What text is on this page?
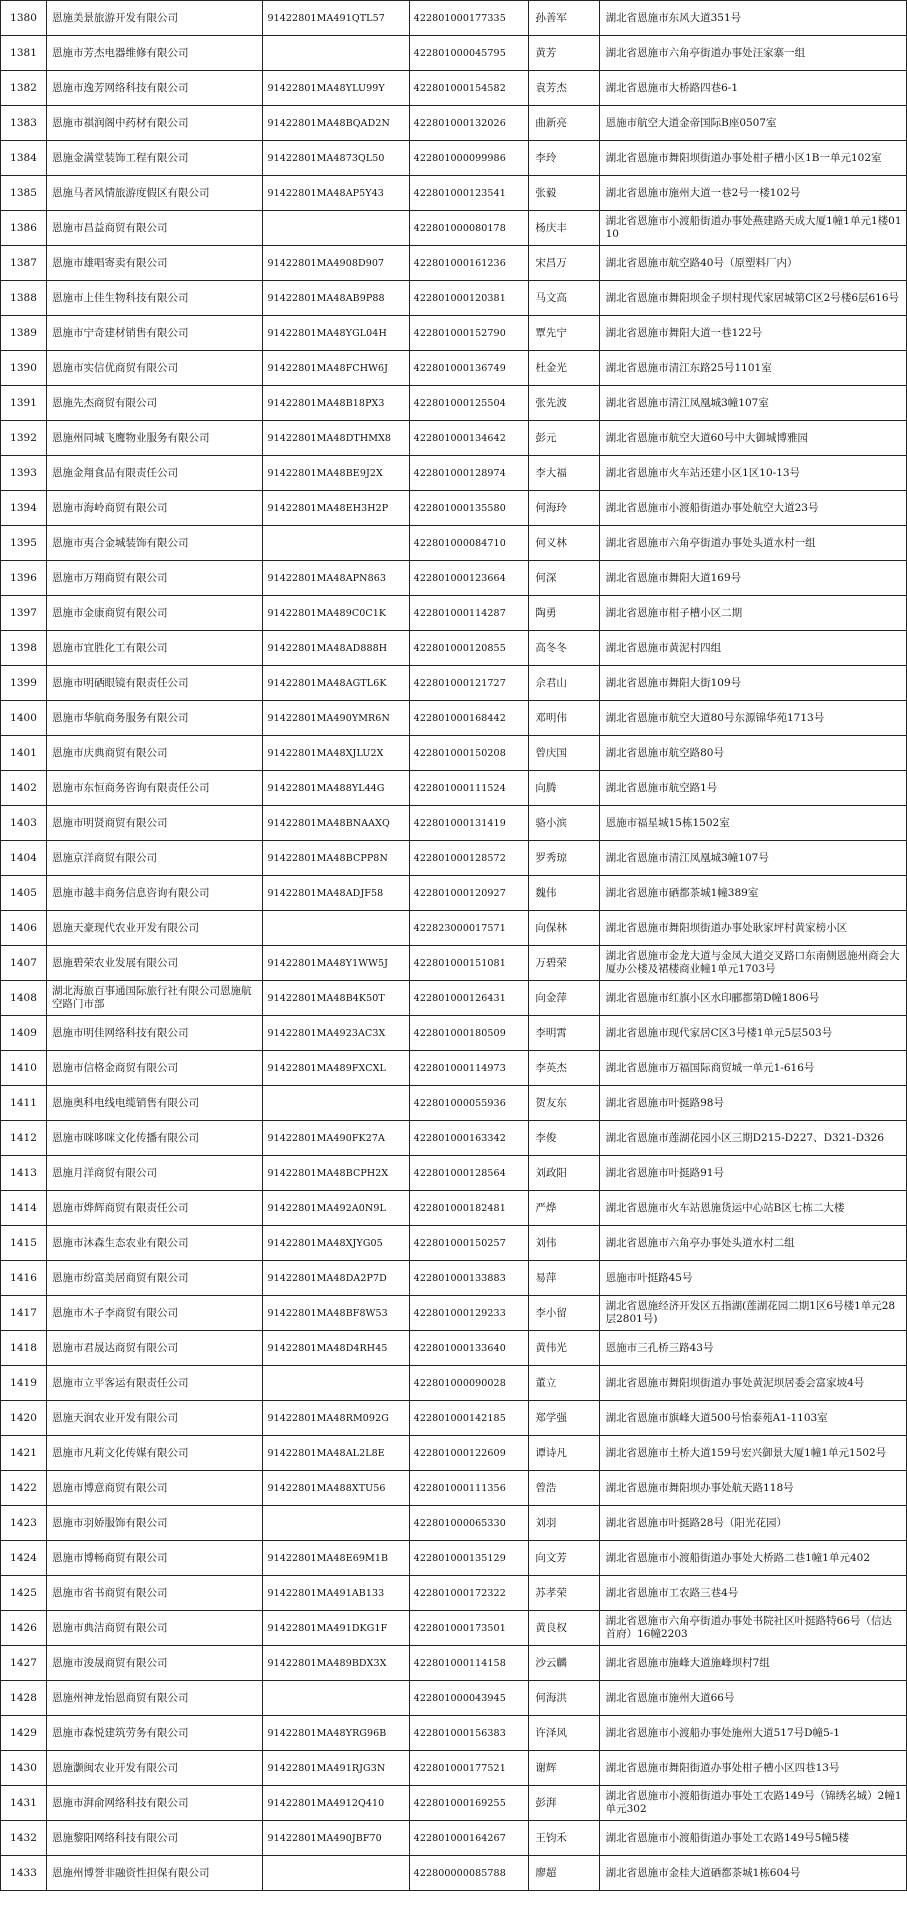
1380	恩施美景旅游开发有限公司	91422801MA491QTL57	422801000177335	孙善军	湖北省恩施市东风大道351号
1381	恩施市芳杰电器维修有限公司		422801000045795	黄芳	湖北省恩施市六角亭街道办事处汪家寨一组
1382	恩施市逸芳网络科技有限公司	91422801MA48YLU99Y	422801000154582	袁芳杰	湖北省恩施市大桥路四巷6-1
1383	恩施市祺润阁中药材有限公司	91422801MA48BQAD2N	422801000132026	曲新亮	恩施市航空大道金帝国际B座0507室
1384	恩施金满堂装饰工程有限公司	91422801MA4873QL50	422801000099986	李玲	湖北省恩施市舞阳坝街道办事处柑子槽小区1B一单元102室
1385	恩施马者风情旅游度假区有限公司	91422801MA48AP5Y43	422801000123541	张毅	湖北省恩施市施州大道一巷2号一楼102号
1386	恩施市昌益商贸有限公司		422801000080178	杨庆丰	湖北省恩施市小渡船街道办事处燕建路天成大厦1幢1单元1楼0110
1387	恩施市雄唱寄卖有限公司	91422801MA4908D907	422801000161236	宋昌万	湖北省恩施市航空路40号（原塑料厂内）
1388	恩施市上佳生物科技有限公司	91422801MA48AB9P88	422801000120381	马文高	湖北省恩施市舞阳坝金子坝村现代家居城第C区2号楼6层616号
1389	恩施市宁奇建材销售有限公司	91422801MA48YGL04H	422801000152790	覃先宁	湖北省恩施市舞阳大道一巷122号
1390	恩施市实信优商贸有限公司	91422801MA48FCHW6J	422801000136749	杜金光	湖北省恩施市清江东路25号1101室
1391	恩施先杰商贸有限公司	91422801MA48B18PX3	422801000125504	张先波	湖北省恩施市清江凤凰城3幢107室
1392	恩施州同城飞鹰物业服务有限公司	91422801MA48DTHMX8	422801000134642	彭元	湖北省恩施市航空大道60号中大御城博雅园
1393	恩施金翔食品有限责任公司	91422801MA48BE9J2X	422801000128974	李大福	湖北省恩施市火车站还建小区1区10-13号
1394	恩施市海岭商贸有限公司	91422801MA48EH3H2P	422801000135580	何海玲	湖北省恩施市小渡船街道办事处航空大道23号
1395	恩施市夷合金城装饰有限公司		422801000084710	何义林	湖北省恩施市六角亭街道办事处头道水村一组
1396	恩施市万翔商贸有限公司	91422801MA48APN863	422801000123664	何深	湖北省恩施市舞阳大道169号
1397	恩施市金康商贸有限公司	91422801MA489C0C1K	422801000114287	陶勇	湖北省恩施市柑子槽小区二期
1398	恩施市宜胜化工有限公司	91422801MA48AD888H	422801000120855	高冬冬	湖北省恩施市黄泥村四组
1399	恩施市明硒眼镜有限责任公司	91422801MA48AGTL6K	422801000121727	佘君山	湖北省恩施市舞阳大街109号
1400	恩施市华航商务服务有限公司	91422801MA490YMR6N	422801000168442	邓明伟	湖北省恩施市航空大道80号东源锦华苑1713号
1401	恩施市庆典商贸有限公司	91422801MA48XJLU2X	422801000150208	曾庆国	湖北省恩施市航空路80号
1402	恩施市东恒商务咨询有限责任公司	91422801MA488YL44G	422801000111524	向腾	湖北省恩施市航空路1号
1403	恩施市明贤商贸有限公司	91422801MA48BNAAXQ	422801000131419	骆小滨	恩施市福星城15栋1502室
1404	恩施京洋商贸有限公司	91422801MA48BCPP8N	422801000128572	罗秀琼	湖北省恩施市清江凤凰城3幢107号
1405	恩施市越丰商务信息咨询有限公司	91422801MA48ADJF58	422801000120927	魏伟	湖北省恩施市硒都茶城1幢389室
1406	恩施天豪现代农业开发有限公司		422823000017571	向保林	湖北省恩施市舞阳坝街道办事处耿家坪村黄家榜小区
1407	恩施碧荣农业发展有限公司	91422801MA48Y1WW5J	422801000151081	万碧荣	湖北省恩施市金龙大道与金凤大道交叉路口东南侧恩施州商会大厦办公楼及裙楼商业幢1单元1703号
1408	湖北海旅百事通国际旅行社有限公司恩施航空路门市部	91422801MA48B4K50T	422801000126431	向金萍	湖北省恩施市红旗小区水印郦都第D幢1806号
1409	恩施市明佳网络科技有限公司	91422801MA4923AC3X	422801000180509	李明霄	湖北省恩施市现代家居C区3号楼1单元5层503号
1410	恩施市信格金商贸有限公司	91422801MA489FXCXL	422801000114973	李英杰	湖北省恩施市万福国际商贸城一单元1-616号
1411	恩施奥科电线电缆销售有限公司		422801000055936	贺友东	湖北省恩施市叶挺路98号
1412	恩施市咪哆咪文化传播有限公司	91422801MA490FK27A	422801000163342	李俊	湖北省恩施市莲湖花园小区三期D215-D227、D321-D326
1413	恩施月洋商贸有限公司	91422801MA48BCPH2X	422801000128564	刘政阳	湖北省恩施市叶挺路91号
1414	恩施市烨辉商贸有限责任公司	91422801MA492A0N9L	422801000182481	严烨	湖北省恩施市火车站恩施货运中心站B区七栋二大楼
1415	恩施市沐森生态农业有限公司	91422801MA48XJYG05	422801000150257	刘伟	湖北省恩施市六角亭办事处头道水村二组
1416	恩施市纷富美居商贸有限公司	91422801MA48DA2P7D	422801000133883	易萍	恩施市叶挺路45号
1417	恩施市木子李商贸有限公司	91422801MA48BF8W53	422801000129233	李小留	湖北省恩施经济开发区五指湖(莲湖花园二期1区6号楼1单元28层2801号)
1418	恩施市君晟达商贸有限公司	91422801MA48D4RH45	422801000133640	黄伟光	恩施市三孔桥三路43号
1419	恩施市立平客运有限责任公司		422801000090028	董立	湖北省恩施市舞阳坝街道办事处黄泥坝居委会富家坡4号
1420	恩施天润农业开发有限公司	91422801MA48RM092G	422801000142185	郑学强	湖北省恩施市旗峰大道500号怡泰苑A1-1103室
1421	恩施市凡莉文化传媒有限公司	91422801MA48AL2L8E	422801000122609	谭诗凡	湖北省恩施市土桥大道159号宏兴御景大厦1幢1单元1502号
1422	恩施市博意商贸有限公司	91422801MA488XTU56	422801000111356	曾浩	湖北省恩施市舞阳坝办事处航天路118号
1423	恩施市羽娇服饰有限公司		422801000065330	刘羽	湖北省恩施市叶挺路28号（阳光花园）
1424	恩施市博畅商贸有限公司	91422801MA48E69M1B	422801000135129	向文芳	湖北省恩施市小渡船街道办事处大桥路二巷1幢1单元402
1425	恩施市省书商贸有限公司	91422801MA491AB133	422801000172322	苏孝荣	湖北省恩施市工农路三巷4号
1426	恩施市典洁商贸有限公司	91422801MA491DKG1F	422801000173501	黄良权	湖北省恩施市六角亭街道办事处书院社区叶挺路特66号（信达首府）16幢2203
1427	恩施市浚晟商贸有限公司	91422801MA489BDX3X	422801000114158	沙云麟	湖北省恩施市施峰大道施峰坝村7组
1428	恩施州神龙怡恩商贸有限公司		422801000043945	何海洪	湖北省恩施市施州大道66号
1429	恩施市森悦建筑劳务有限公司	91422801MA48YRG96B	422801000156383	许泽风	湖北省恩施市小渡船办事处施州大道517号D幢5-1
1430	恩施灏闽农业开发有限公司	91422801MA491RJG3N	422801000177521	谢辉	湖北省恩施市舞阳街道办事处柑子槽小区四巷13号
1431	恩施市湃俞网络科技有限公司	91422801MA4912Q410	422801000169255	彭湃	湖北省恩施市小渡船街道办事处工农路149号（锦绣名城）2幢1单元302
1432	恩施黎阳网络科技有限公司	91422801MA490JBF70	422801000164267	王钧禾	湖北省恩施市小渡船街道办事处工农路149号5幢5楼
1433	恩施州博誉非融资性担保有限公司		422800000085788	廖超	湖北省恩施市金桂大道硒都茶城1栋604号
